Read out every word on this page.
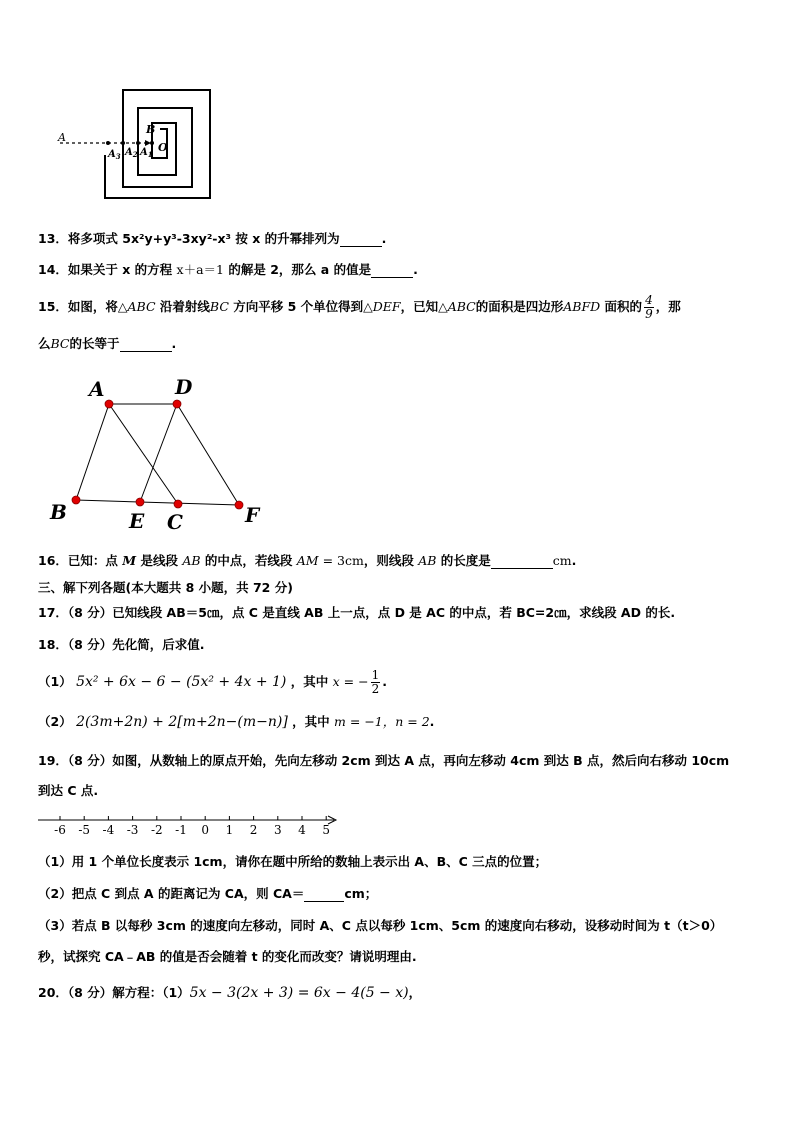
A
B
O
$A_3$ $A_2$ $A_1$
13．将多项式 5x²y+y³-3xy²-x³ 按 x 的升幂排列为	.
14．如果关于 x 的方程 x＋a＝1 的解是 2，那么 a 的值是	.
15．如图，将△ABC 沿着射线BC 方向平移 5 个单位得到△DEF，已知△ABC的面积是四边形ABFD 面积的 $\frac{4}{9}$ ，那
么BC的长等于	.
A	D
B	E C	F
16．已知：点 M 是线段 AB 的中点，若线段 AM = 3cm，则线段 AB 的长度是	cm.
三、解下列各题(本大题共 8 小题，共 72 分)
17．（8 分）已知线段 AB＝5㎝，点 C 是直线 AB 上一点，点 D 是 AC 的中点，若 BC=2㎝，求线段 AD 的长.
18．（8 分）先化简，后求值.
（1） 5x² + 6x − 6 − (5x² + 4x + 1) ，其中 x = − $\frac{1}{2}$ .
（2） 2(3m+2n) + 2[m+2n−(m−n)] ，其中 m = −1，n = 2.
19．（8 分）如图，从数轴上的原点开始，先向左移动 2cm 到达 A 点，再向左移动 4cm 到达 B 点，然后向右移动 10cm
到达 C 点.
-6 -5 -4 -3 -2 -1 0 1 2 3 4 5
（1）用 1 个单位长度表示 1cm，请你在题中所给的数轴上表示出 A、B、C 三点的位置；
（2）把点 C 到点 A 的距离记为 CA，则 CA＝	cm；
（3）若点 B 以每秒 3cm 的速度向左移动，同时 A、C 点以每秒 1cm、5cm 的速度向右移动，设移动时间为 t（t＞0）
秒，试探究 CA﹣AB 的值是否会随着 t 的变化而改变？请说明理由.
20．（8 分）解方程：（1）5x − 3(2x + 3) = 6x − 4(5 − x)，
